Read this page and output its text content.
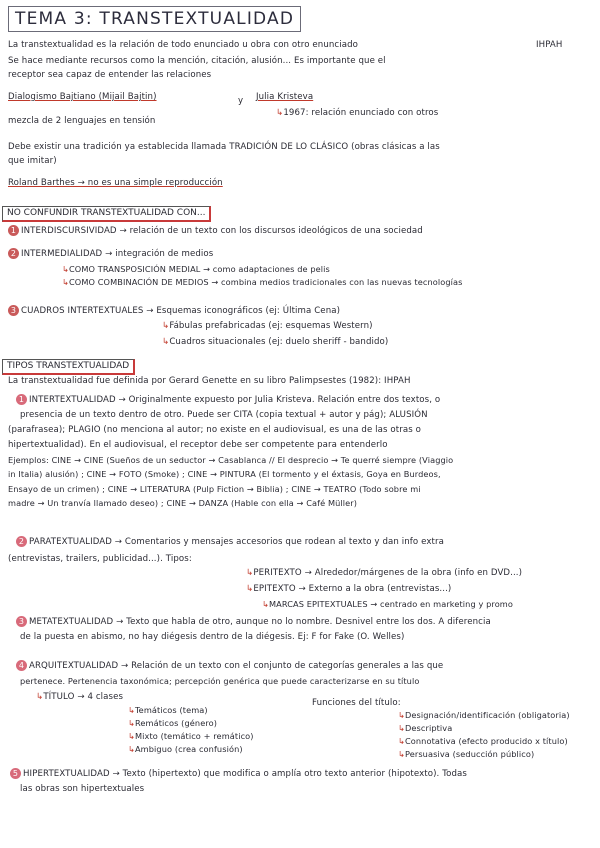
TEMA 3: TRANSTEXTUALIDAD
La transtextualidad es la relación de todo enunciado u obra con otro enunciado	IHPAH
Se hace mediante recursos como la mención, citación, alusión... Es importante que el
receptor sea capaz de entender las relaciones
Dialogismo Bajtiano (Mijail Bajtin)	y Julia Kristeva
mezcla de 2 lenguajes en tensión
↳1967: relación enunciado con otros
Debe existir una tradición ya establecida llamada TRADICIÓN DE LO CLÁSICO (obras clásicas a las
que imitar)
Roland Barthes → no es una simple reproducción
NO CONFUNDIR TRANSTEXTUALIDAD CON...
1 INTERDISCURSIVIDAD → relación de un texto con los discursos ideológicos de una sociedad
2 INTERMEDIALIDAD → integración de medios
↳COMO TRANSPOSICIÓN MEDIAL → como adaptaciones de pelis
↳COMO COMBINACIÓN DE MEDIOS → combina medios tradicionales con las nuevas tecnologías
3 CUADROS INTERTEXTUALES → Esquemas iconográficos (ej: Última Cena)
↳Fábulas prefabricadas (ej: esquemas Western)
↳Cuadros situacionales (ej: duelo sheriff - bandido)
TIPOS TRANSTEXTUALIDAD
La transtextualidad fue definida por Gerard Genette en su libro Palimpsestes (1982): IHPAH
1 INTERTEXTUALIDAD → Originalmente expuesto por Julia Kristeva. Relación entre dos textos, o
presencia de un texto dentro de otro. Puede ser CITA (copia textual + autor y pág); ALUSIÓN
(parafrasea); PLAGIO (no menciona al autor; no existe en el audiovisual, es una de las otras o
hipertextualidad). En el audiovisual, el receptor debe ser competente para entenderlo
Ejemplos: CINE → CINE (Sueños de un seductor → Casablanca // El desprecio → Te querré siempre (Viaggio
in Italia) alusión) ; CINE → FOTO (Smoke) ; CINE → PINTURA (El tormento y el éxtasis, Goya en Burdeos,
Ensayo de un crimen) ; CINE → LITERATURA (Pulp Fiction → Biblia) ; CINE → TEATRO (Todo sobre mi
madre → Un tranvía llamado deseo) ; CINE → DANZA (Hable con ella → Café Müller)
2 PARATEXTUALIDAD → Comentarios y mensajes accesorios que rodean al texto y dan info extra
(entrevistas, trailers, publicidad...). Tipos:
↳PERITEXTO → Alrededor/márgenes de la obra (info en DVD...)
↳EPITEXTO → Externo a la obra (entrevistas...)
↳MARCAS EPITEXTUALES → centrado en marketing y promo
3 METATEXTUALIDAD → Texto que habla de otro, aunque no lo nombre. Desnivel entre los dos. A diferencia
de la puesta en abismo, no hay diégesis dentro de la diégesis. Ej: F for Fake (O. Welles)
4 ARQUITEXTUALIDAD → Relación de un texto con el conjunto de categorías generales a las que
pertenece. Pertenencia taxonómica; percepción genérica que puede caracterizarse en su título
↳TÍTULO → 4 clases
↳Temáticos (tema)
↳Remáticos (género)
↳Mixto (temático + remático)
↳Ambiguo (crea confusión)
Funciones del título:
↳Designación/identificación (obligatoria)
↳Descriptiva
↳Connotativa (efecto producido x título)
↳Persuasiva (seducción público)
5 HIPERTEXTUALIDAD → Texto (hipertexto) que modifica o amplía otro texto anterior (hipotexto). Todas
las obras son hipertextuales
